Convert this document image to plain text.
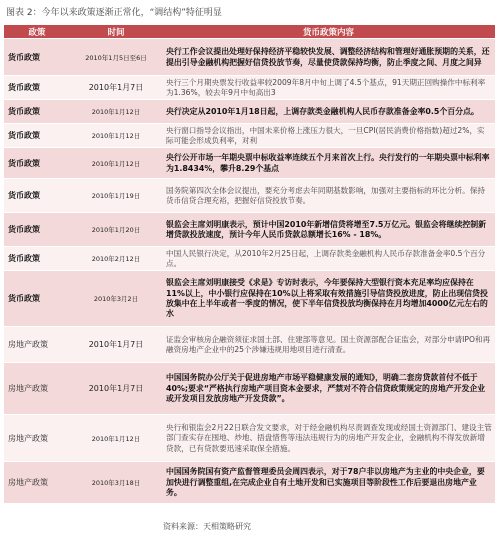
图表 2：今年以来政策逐渐正常化，“调结构”特征明显
政策	时间	货币政策内容
货币政策	2010年1月5日至6日	央行工作会议提出处理好保持经济平稳较快发展、调整经济结构和管理好通胀预期的关系，还提出引导金融机构把握好信贷投放节奏，尽量使贷款保持均衡，防止季度之间、月度之间异

货币政策	2010年1月7日	央行三个月期央票发行收益率较2009年8月中旬上调了4.5个基点，91天期正回购操作中标利率为1.36%，较去年9月中旬高出3

货币政策	2010年1月12日	央行决定从2010年1月18日起，上调存款类金融机构人民币存款准备金率0.5个百分点。

货币政策	2010年1月12日	央行窗口指导会议指出，中国未来价格上涨压力很大，一旦CPI(居民消费价格指数)超过2%，实际可能会形成负利率，对利

货币政策	2010年1月12日	央行公开市场一年期央票中标收益率连续五个月来首次上行。央行发行的一年期央票中标利率为1.8434%，攀升8.29个基点

货币政策	2010年1月19日	国务院第四次全体会议提出，要充分考虑去年同期基数影响，加强对主要指标的环比分析。保持货币信贷合理充裕，把握好信贷投放节奏。

货币政策	2010年1月20日	银监会主席刘明康表示，预计中国2010年新增信贷将增至7.5万亿元。银监会将继续控制新增贷款投放速度，预计今年人民币贷款总额增长16% - 18%。

货币政策	2010年2月12日	中国人民银行决定，从2010年2月25日起，上调存款类金融机构人民币存款准备金率0.5个百分点。

货币政策	2010年3月2日	银监会主席刘明康接受《求是》专访时表示，今年要保持大型银行资本充足率均应保持在11%以上，中小银行应保持在10%以上将采取有效措施引导信贷投放进度，防止出现信贷投放集中在上半年或者一季度的情况，使下半年信贷投放均衡保持在月均增加4000亿元左右的水

房地产政策	2010年1月7日	证监会审核房企融资须征求国土部、住建部等意见。国土资源部配合证监会，对部分申请IPO和再融资房地产企业中的25个涉嫌违规用地项目进行清查。

房地产政策	2010年1月7日	中国国务院办公厅关于促进房地产市场平稳健康发展的通知》，明确二套房贷款首付不低于40%;要求“严格执行房地产项目资本金要求，严禁对不符合信贷政策规定的房地产开发企业或开发项目发放房地产开发贷款”。

房地产政策	2010年1月12日	央行和银监会2月22日联合发文要求，对于经金融机构尽责调查发现或经国土资源部门、建设主管部门查实存在囤地、炒地、捂盘惜售等违法违规行为的房地产开发企业，金融机构不得发放新增贷款，已有贷款要迅速采取保全措施。

房地产政策	2010年3月18日	中国国务院国有资产监督管理委员会周四表示，对于78户非以房地产为主业的中央企业，要加快进行调整重组,在完成企业自有土地开发和已实施项目等阶段性工作后要退出房地产业务。
资料来源：天相策略研究
